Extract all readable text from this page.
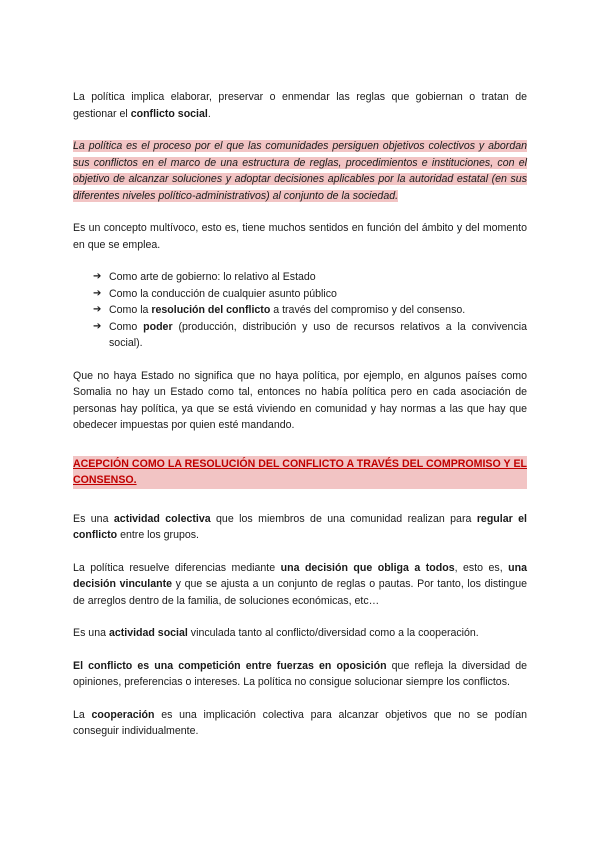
La política implica elaborar, preservar o enmendar las reglas que gobiernan o tratan de gestionar el conflicto social.

La política es el proceso por el que las comunidades persiguen objetivos colectivos y abordan sus conflictos en el marco de una estructura de reglas, procedimientos e instituciones, con el objetivo de alcanzar soluciones y adoptar decisiones aplicables por la autoridad estatal (en sus diferentes niveles político-administrativos) al conjunto de la sociedad.

Es un concepto multívoco, esto es, tiene muchos sentidos en función del ámbito y del momento en que se emplea.

➔ Como arte de gobierno: lo relativo al Estado
➔ Como la conducción de cualquier asunto público
➔ Como la resolución del conflicto a través del compromiso y del consenso.
➔ Como poder (producción, distribución y uso de recursos relativos a la convivencia social).

Que no haya Estado no significa que no haya política, por ejemplo, en algunos países como Somalia no hay un Estado como tal, entonces no había política pero en cada asociación de personas hay política, ya que se está viviendo en comunidad y hay normas a las que hay que obedecer impuestas por quien esté mandando.

ACEPCIÓN COMO LA RESOLUCIÓN DEL CONFLICTO A TRAVÉS DEL COMPROMISO Y EL CONSENSO.

Es una actividad colectiva que los miembros de una comunidad realizan para regular el conflicto entre los grupos.

La política resuelve diferencias mediante una decisión que obliga a todos, esto es, una decisión vinculante y que se ajusta a un conjunto de reglas o pautas. Por tanto, los distingue de arreglos dentro de la familia, de soluciones económicas, etc…

Es una actividad social vinculada tanto al conflicto/diversidad como a la cooperación.

El conflicto es una competición entre fuerzas en oposición que refleja la diversidad de opiniones, preferencias o intereses. La política no consigue solucionar siempre los conflictos.

La cooperación es una implicación colectiva para alcanzar objetivos que no se podían conseguir individualmente.
